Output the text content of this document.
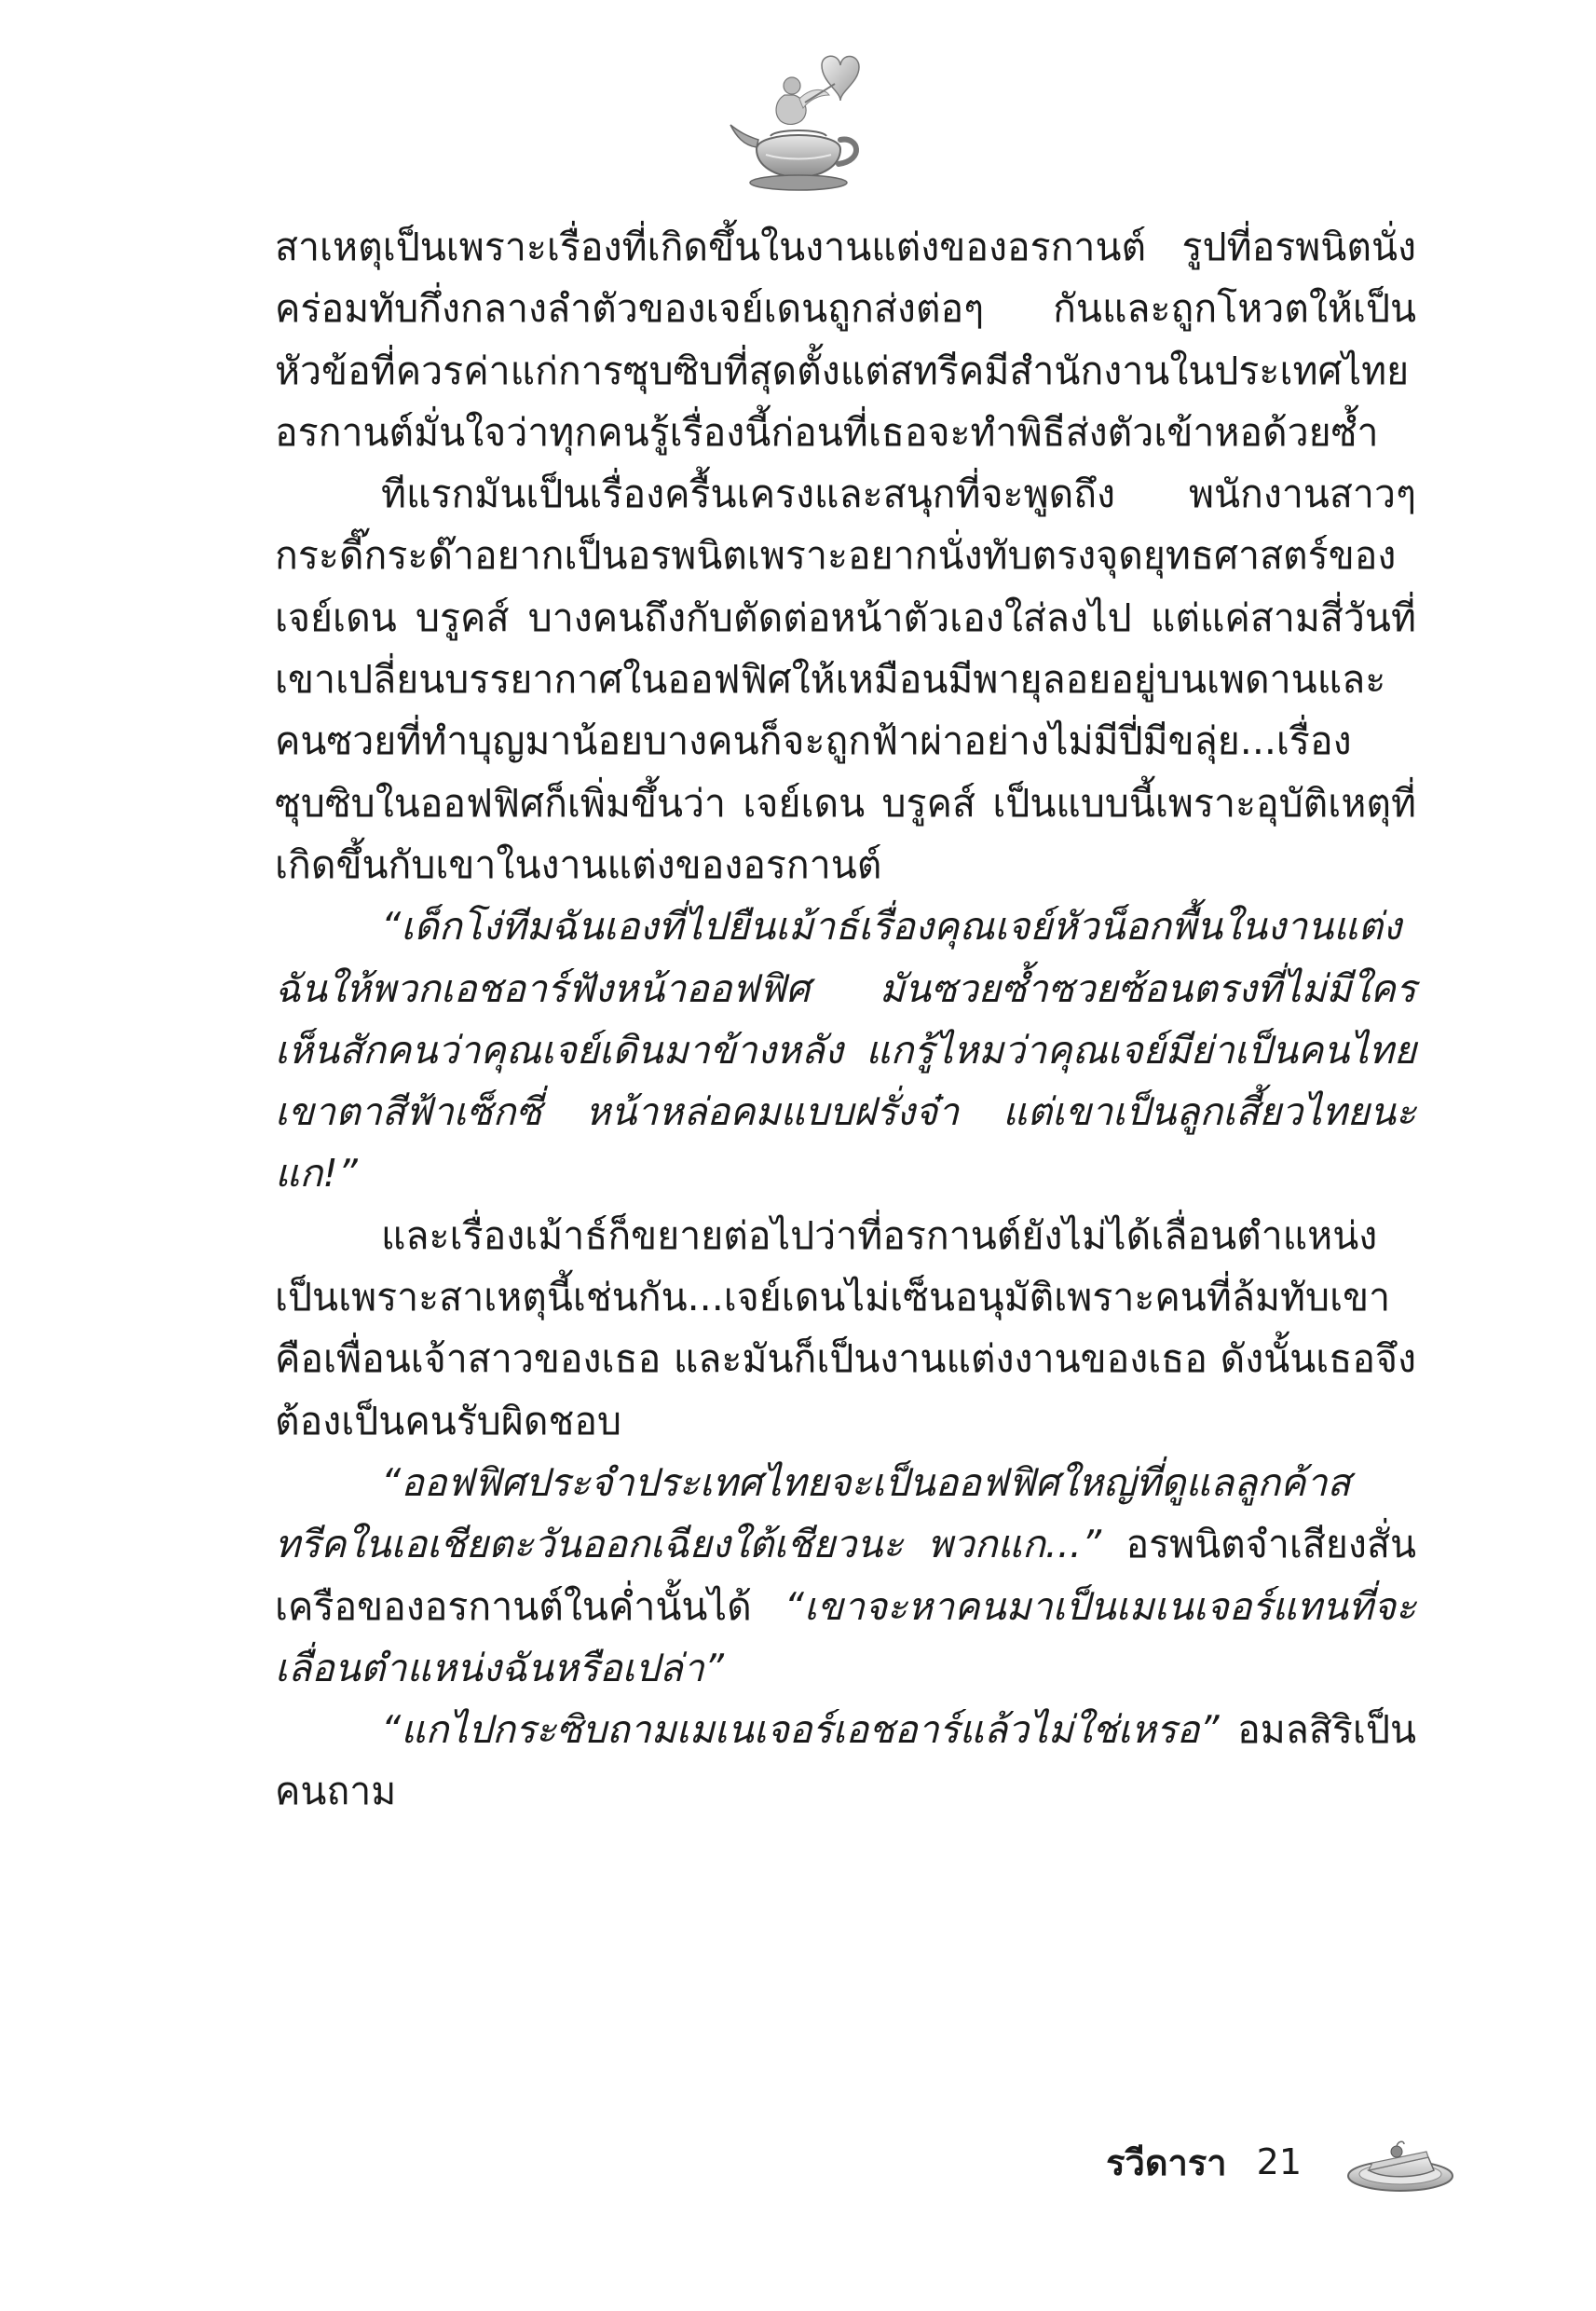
สาเหตุเป็นเพราะเรื่องที่เกิดขึ้นในงานแต่งของอรกานต์ รูปที่อรพนิตนั่งคร่อมทับกึ่งกลางลำตัวของเจย์เดนถูกส่งต่อๆ กันและถูกโหวตให้เป็นหัวข้อที่ควรค่าแก่การซุบซิบที่สุดตั้งแต่สทรีคมีสำนักงานในประเทศไทย อรกานต์มั่นใจว่าทุกคนรู้เรื่องนี้ก่อนที่เธอจะทำพิธีส่งตัวเข้าหอด้วยซ้ำ

ทีแรกมันเป็นเรื่องครื้นเครงและสนุกที่จะพูดถึง พนักงานสาวๆ กระดี๊กระด๊าอยากเป็นอรพนิตเพราะอยากนั่งทับตรงจุดยุทธศาสตร์ของเจย์เดน บรูคส์ บางคนถึงกับตัดต่อหน้าตัวเองใส่ลงไป แต่แค่สามสี่วันที่เขาเปลี่ยนบรรยากาศในออฟฟิศให้เหมือนมีพายุลอยอยู่บนเพดานและคนซวยที่ทำบุญมาน้อยบางคนก็จะถูกฟ้าผ่าอย่างไม่มีปี่มีขลุ่ย...เรื่องซุบซิบในออฟฟิศก็เพิ่มขึ้นว่า เจย์เดน บรูคส์ เป็นแบบนี้เพราะอุบัติเหตุที่เกิดขึ้นกับเขาในงานแต่งของอรกานต์

“เด็กโง่ทีมฉันเองที่ไปยืนเม้าธ์เรื่องคุณเจย์หัวน็อกพื้นในงานแต่งฉันให้พวกเอชอาร์ฟังหน้าออฟฟิศ มันซวยซ้ำซวยซ้อนตรงที่ไม่มีใครเห็นสักคนว่าคุณเจย์เดินมาข้างหลัง แกรู้ไหมว่าคุณเจย์มีย่าเป็นคนไทย เขาตาสีฟ้าเซ็กซี่ หน้าหล่อคมแบบฝรั่งจ๋า แต่เขาเป็นลูกเสี้ยวไทยนะแก!”

และเรื่องเม้าธ์ก็ขยายต่อไปว่าที่อรกานต์ยังไม่ได้เลื่อนตำแหน่งเป็นเพราะสาเหตุนี้เช่นกัน...เจย์เดนไม่เซ็นอนุมัติเพราะคนที่ล้มทับเขาคือเพื่อนเจ้าสาวของเธอ และมันก็เป็นงานแต่งงานของเธอ ดังนั้นเธอจึงต้องเป็นคนรับผิดชอบ

“ออฟฟิศประจำประเทศไทยจะเป็นออฟฟิศใหญ่ที่ดูแลลูกค้าสทรีคในเอเชียตะวันออกเฉียงใต้เชียวนะ พวกแก...” อรพนิตจำเสียงสั่นเครือของอรกานต์ในค่ำนั้นได้ “เขาจะหาคนมาเป็นเมเนเจอร์แทนที่จะเลื่อนตำแหน่งฉันหรือเปล่า”

“แกไปกระซิบถามเมเนเจอร์เอชอาร์แล้วไม่ใช่เหรอ” อมลสิริเป็นคนถาม

รวีดารา 21
